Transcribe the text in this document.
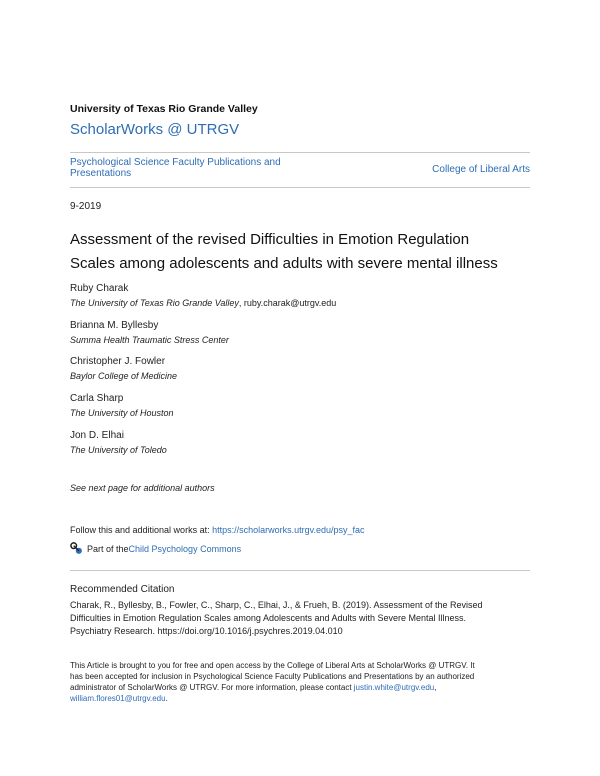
University of Texas Rio Grande Valley
ScholarWorks @ UTRGV
Psychological Science Faculty Publications and
Presentations	College of Liberal Arts
9-2019
Assessment of the revised Difficulties in Emotion Regulation
Scales among adolescents and adults with severe mental illness
Ruby Charak
The University of Texas Rio Grande Valley, ruby.charak@utrgv.edu
Brianna M. Byllesby
Summa Health Traumatic Stress Center
Christopher J. Fowler
Baylor College of Medicine
Carla Sharp
The University of Houston
Jon D. Elhai
The University of Toledo
See next page for additional authors
Follow this and additional works at: https://scholarworks.utrgv.edu/psy_fac
Part of the Child Psychology Commons
Recommended Citation
Charak, R., Byllesby, B., Fowler, C., Sharp, C., Elhai, J., & Frueh, B. (2019). Assessment of the Revised
Difficulties in Emotion Regulation Scales among Adolescents and Adults with Severe Mental Illness.
Psychiatry Research. https://doi.org/10.1016/j.psychres.2019.04.010
This Article is brought to you for free and open access by the College of Liberal Arts at ScholarWorks @ UTRGV. It
has been accepted for inclusion in Psychological Science Faculty Publications and Presentations by an authorized
administrator of ScholarWorks @ UTRGV. For more information, please contact justin.white@utrgv.edu,
william.flores01@utrgv.edu.
